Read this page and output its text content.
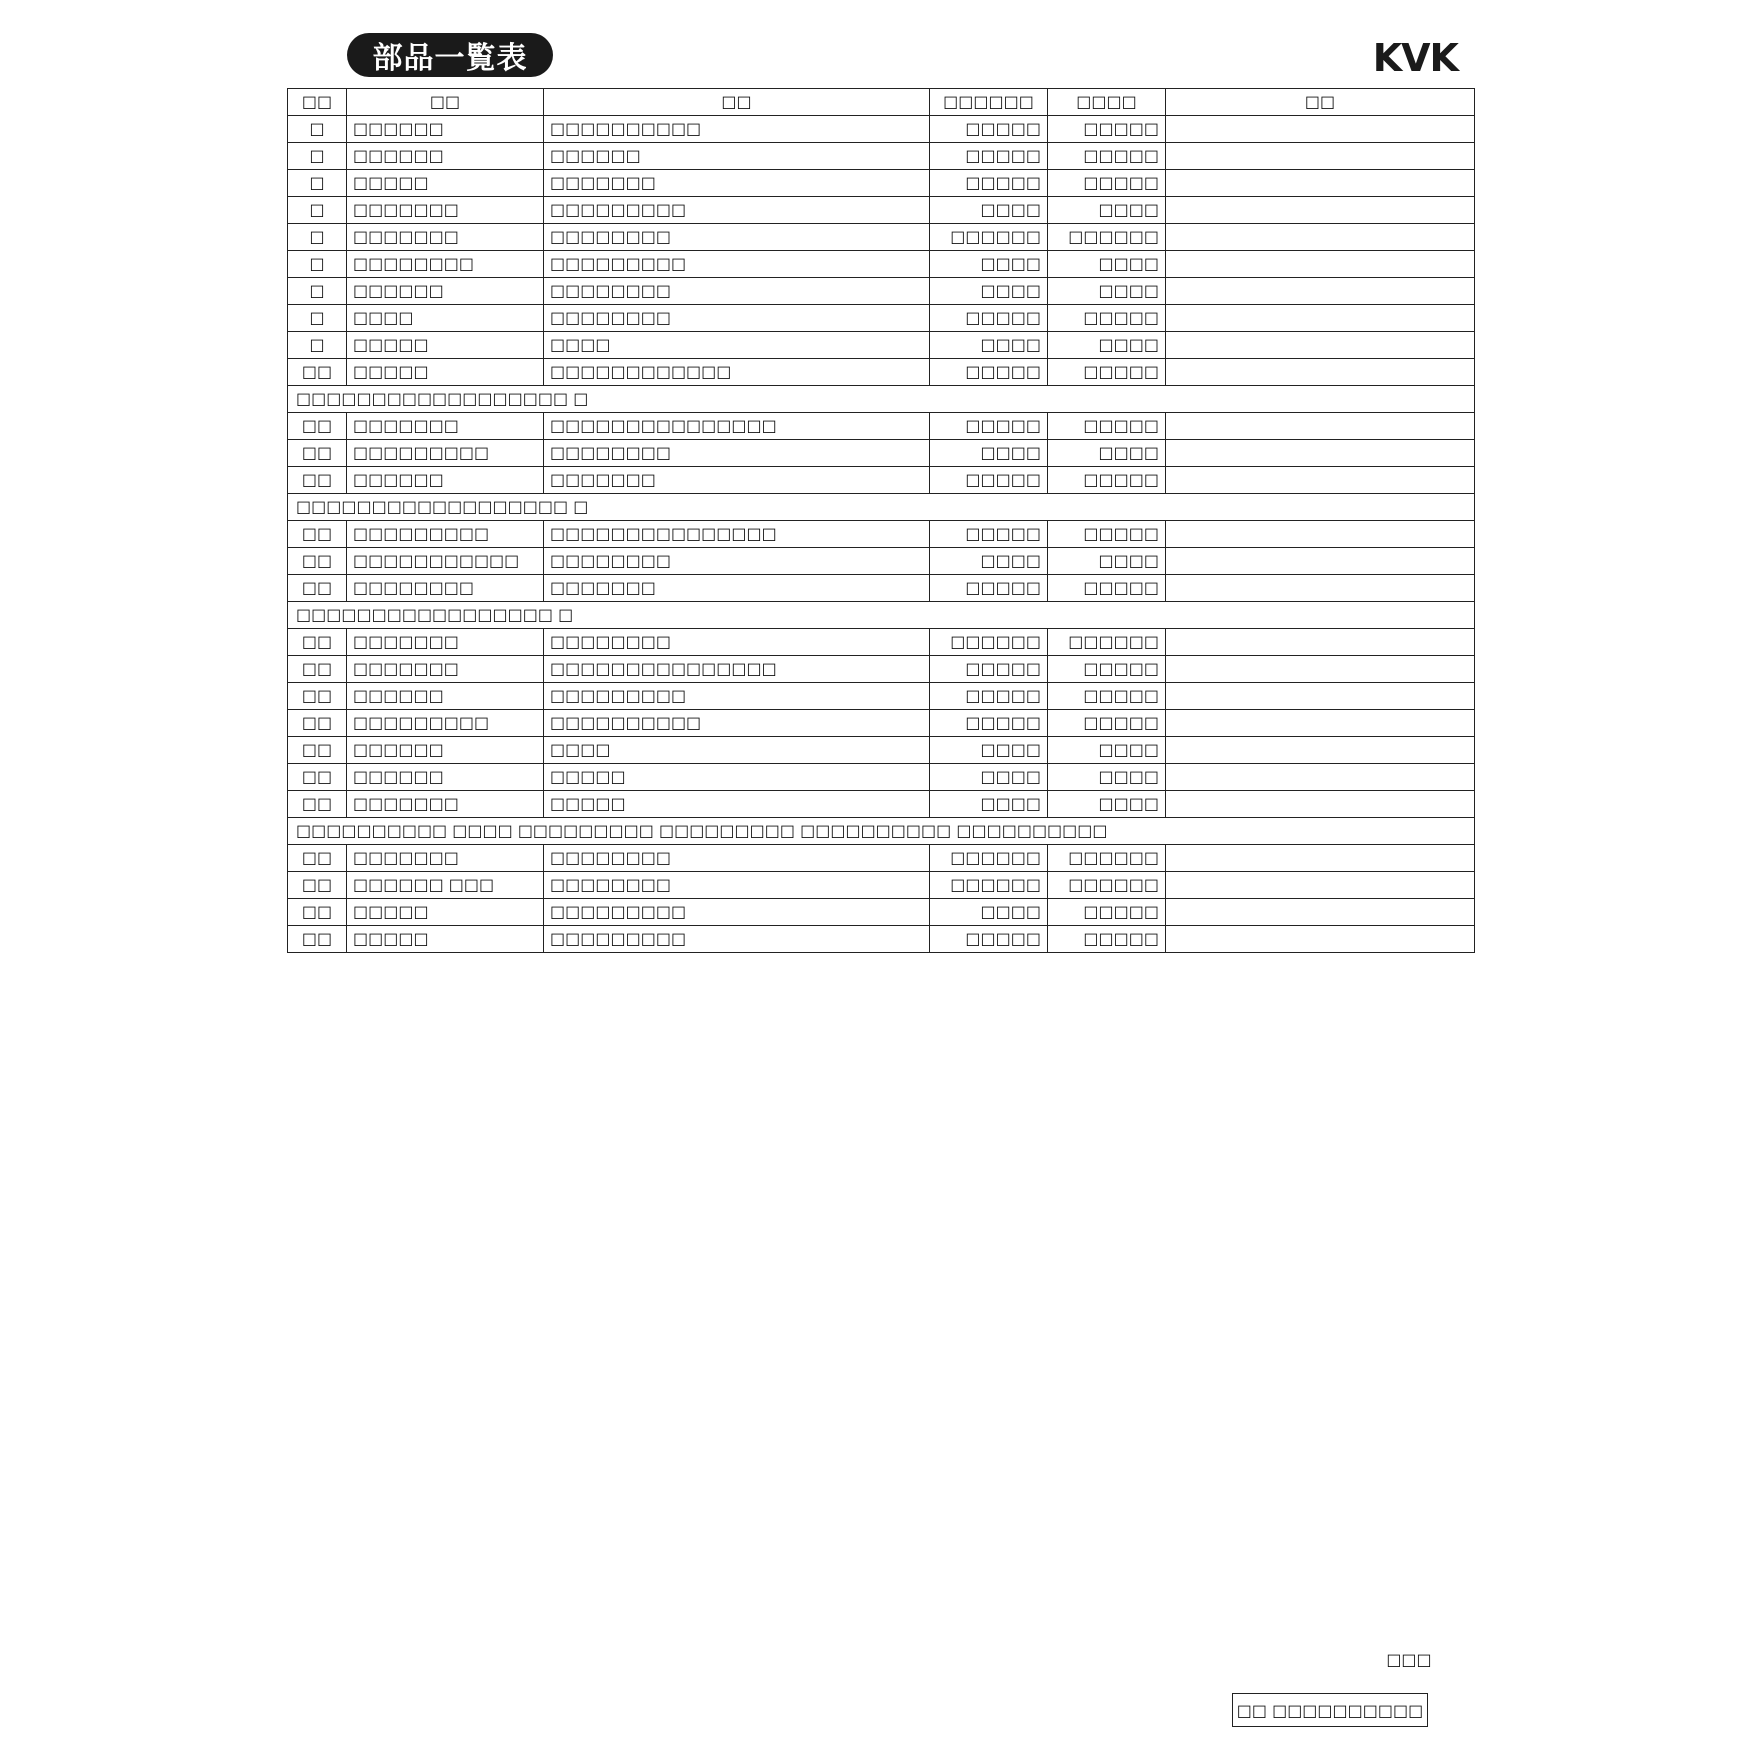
部品一覧表	KVK
□□	□□	□□	□□□□□□	□□□□	□□
□	□□□□□□	□□□□□□□□□□	□□□□□	□□□□□	
□	□□□□□□	□□□□□□	□□□□□	□□□□□	
□	□□□□□	□□□□□□□	□□□□□	□□□□□	
□	□□□□□□□	□□□□□□□□□	□□□□	□□□□	
□	□□□□□□□	□□□□□□□□	□□□□□□	□□□□□□	
□	□□□□□□□□	□□□□□□□□□	□□□□	□□□□	
□	□□□□□□	□□□□□□□□	□□□□	□□□□	
□	□□□□	□□□□□□□□	□□□□□	□□□□□	
□	□□□□□	□□□□	□□□□	□□□□	
□□	□□□□□	□□□□□□□□□□□□	□□□□□	□□□□□	
□□□□□□□□□□□□□□□□□□ □					
□□	□□□□□□□	□□□□□□□□□□□□□□□	□□□□□	□□□□□	
□□	□□□□□□□□□	□□□□□□□□	□□□□	□□□□	
□□	□□□□□□	□□□□□□□	□□□□□	□□□□□	
□□□□□□□□□□□□□□□□□□ □					
□□	□□□□□□□□□	□□□□□□□□□□□□□□□	□□□□□	□□□□□	
□□	□□□□□□□□□□□	□□□□□□□□	□□□□	□□□□	
□□	□□□□□□□□	□□□□□□□	□□□□□	□□□□□	
□□□□□□□□□□□□□□□□□ □					
□□	□□□□□□□	□□□□□□□□	□□□□□□	□□□□□□	
□□	□□□□□□□	□□□□□□□□□□□□□□□	□□□□□	□□□□□	
□□	□□□□□□	□□□□□□□□□	□□□□□	□□□□□	
□□	□□□□□□□□□	□□□□□□□□□□	□□□□□	□□□□□	
□□	□□□□□□	□□□□	□□□□	□□□□	
□□	□□□□□□	□□□□□	□□□□	□□□□	
□□	□□□□□□□	□□□□□	□□□□	□□□□	
□□□□□□□□□□ □□□□ □□□□□□□□□ □□□□□□□□□ □□□□□□□□□□ □□□□□□□□□□					
□□	□□□□□□□	□□□□□□□□	□□□□□□	□□□□□□	
□□	□□□□□□ □□□	□□□□□□□□	□□□□□□	□□□□□□	
□□	□□□□□	□□□□□□□□□	□□□□	□□□□□	
□□	□□□□□	□□□□□□□□□	□□□□□	□□□□□	
□□□
□□ □□□□□□□□□□
